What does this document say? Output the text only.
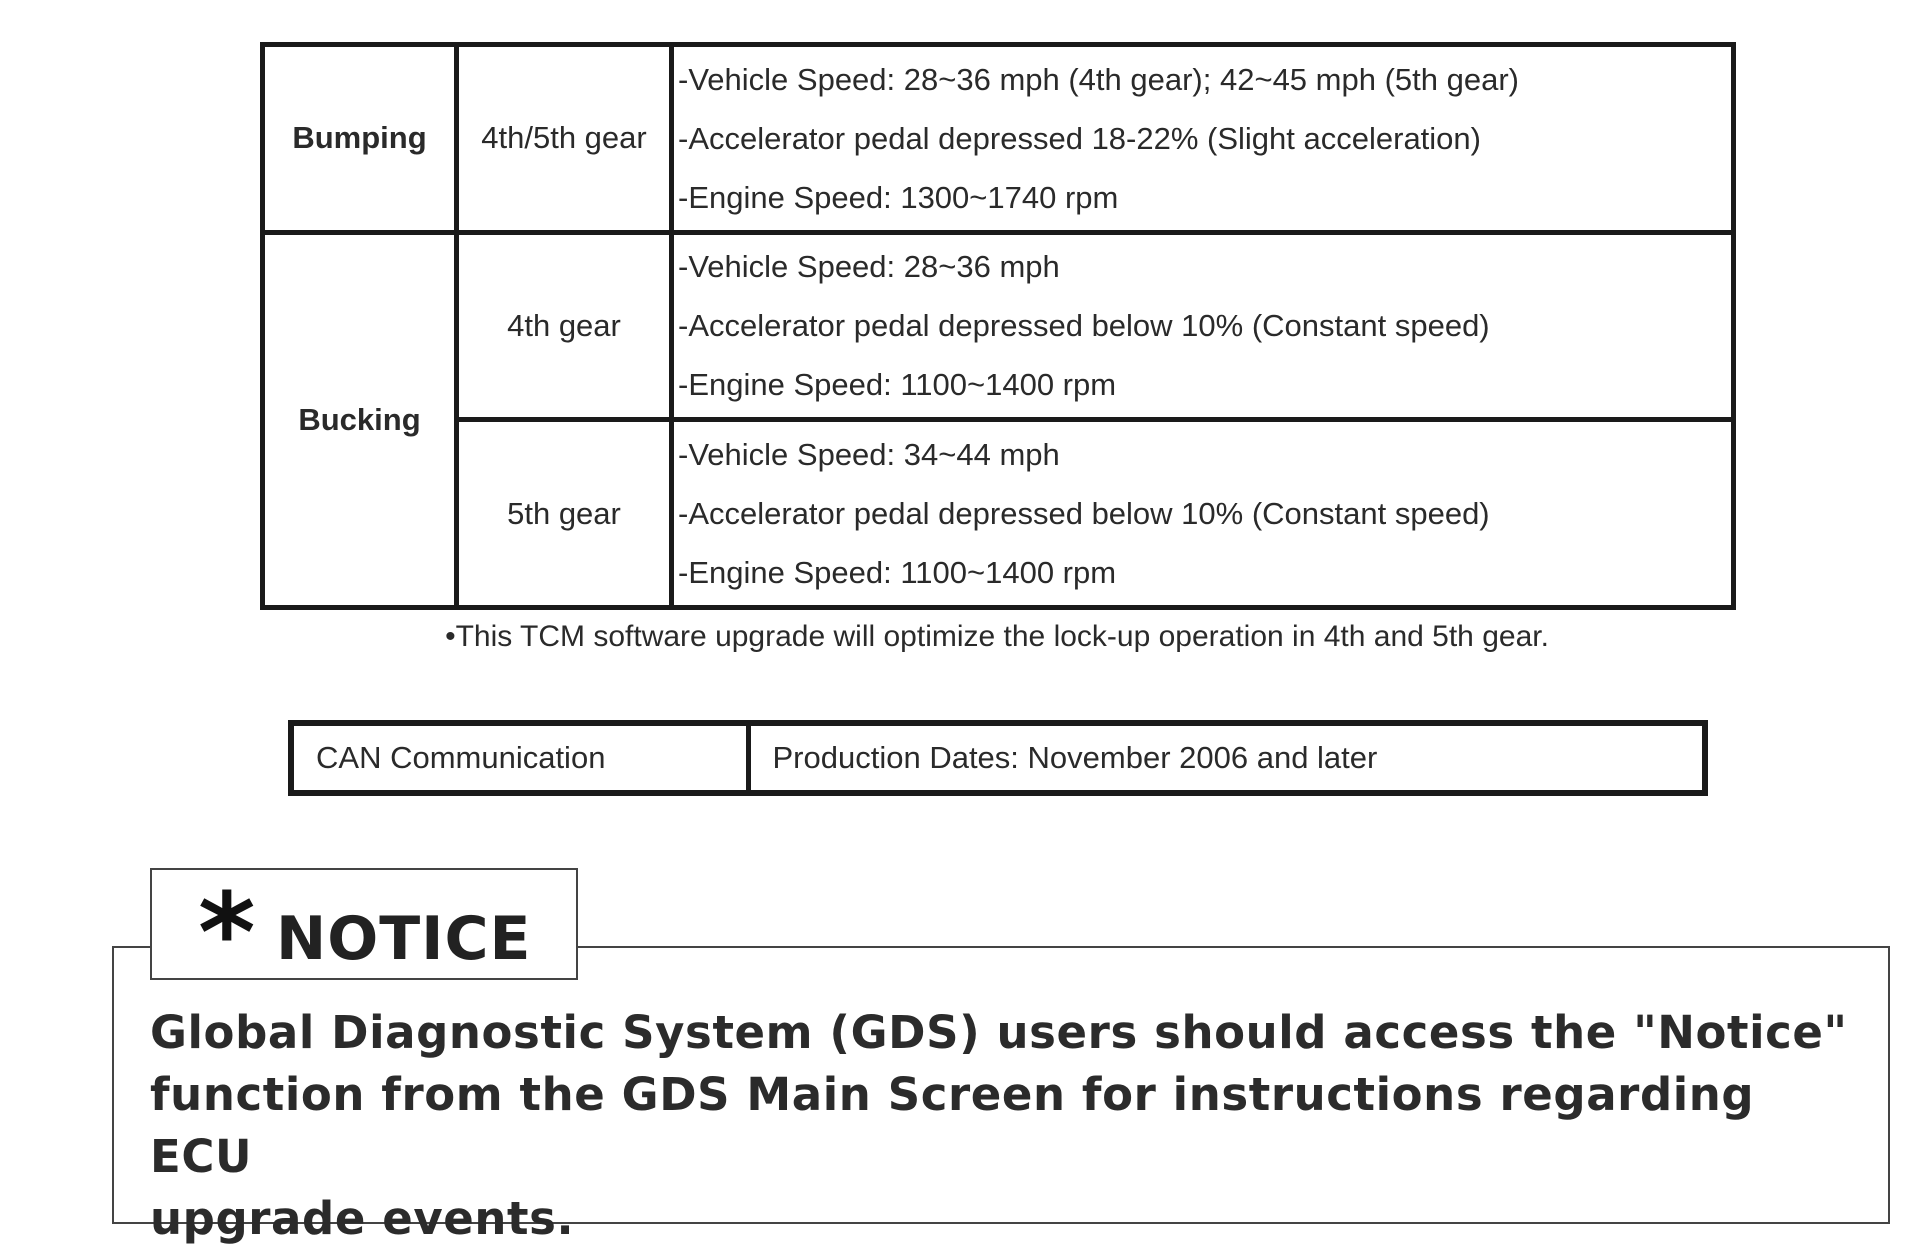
Bumping	4th/5th gear	-Vehicle Speed: 28~36 mph (4th gear); 42~45 mph (5th gear)
-Accelerator pedal depressed 18-22% (Slight acceleration)
-Engine Speed: 1300~1740 rpm

Bucking	4th gear	-Vehicle Speed: 28~36 mph
-Accelerator pedal depressed below 10% (Constant speed)
-Engine Speed: 1100~1400 rpm

	5th gear	-Vehicle Speed: 34~44 mph
-Accelerator pedal depressed below 10% (Constant speed)
-Engine Speed: 1100~1400 rpm
•This TCM software upgrade will optimize the lock-up operation in 4th and 5th gear.
CAN Communication	Production Dates: November 2006 and later
* NOTICE
Global Diagnostic System (GDS) users should access the "Notice"
function from the GDS Main Screen for instructions regarding ECU
upgrade events.
